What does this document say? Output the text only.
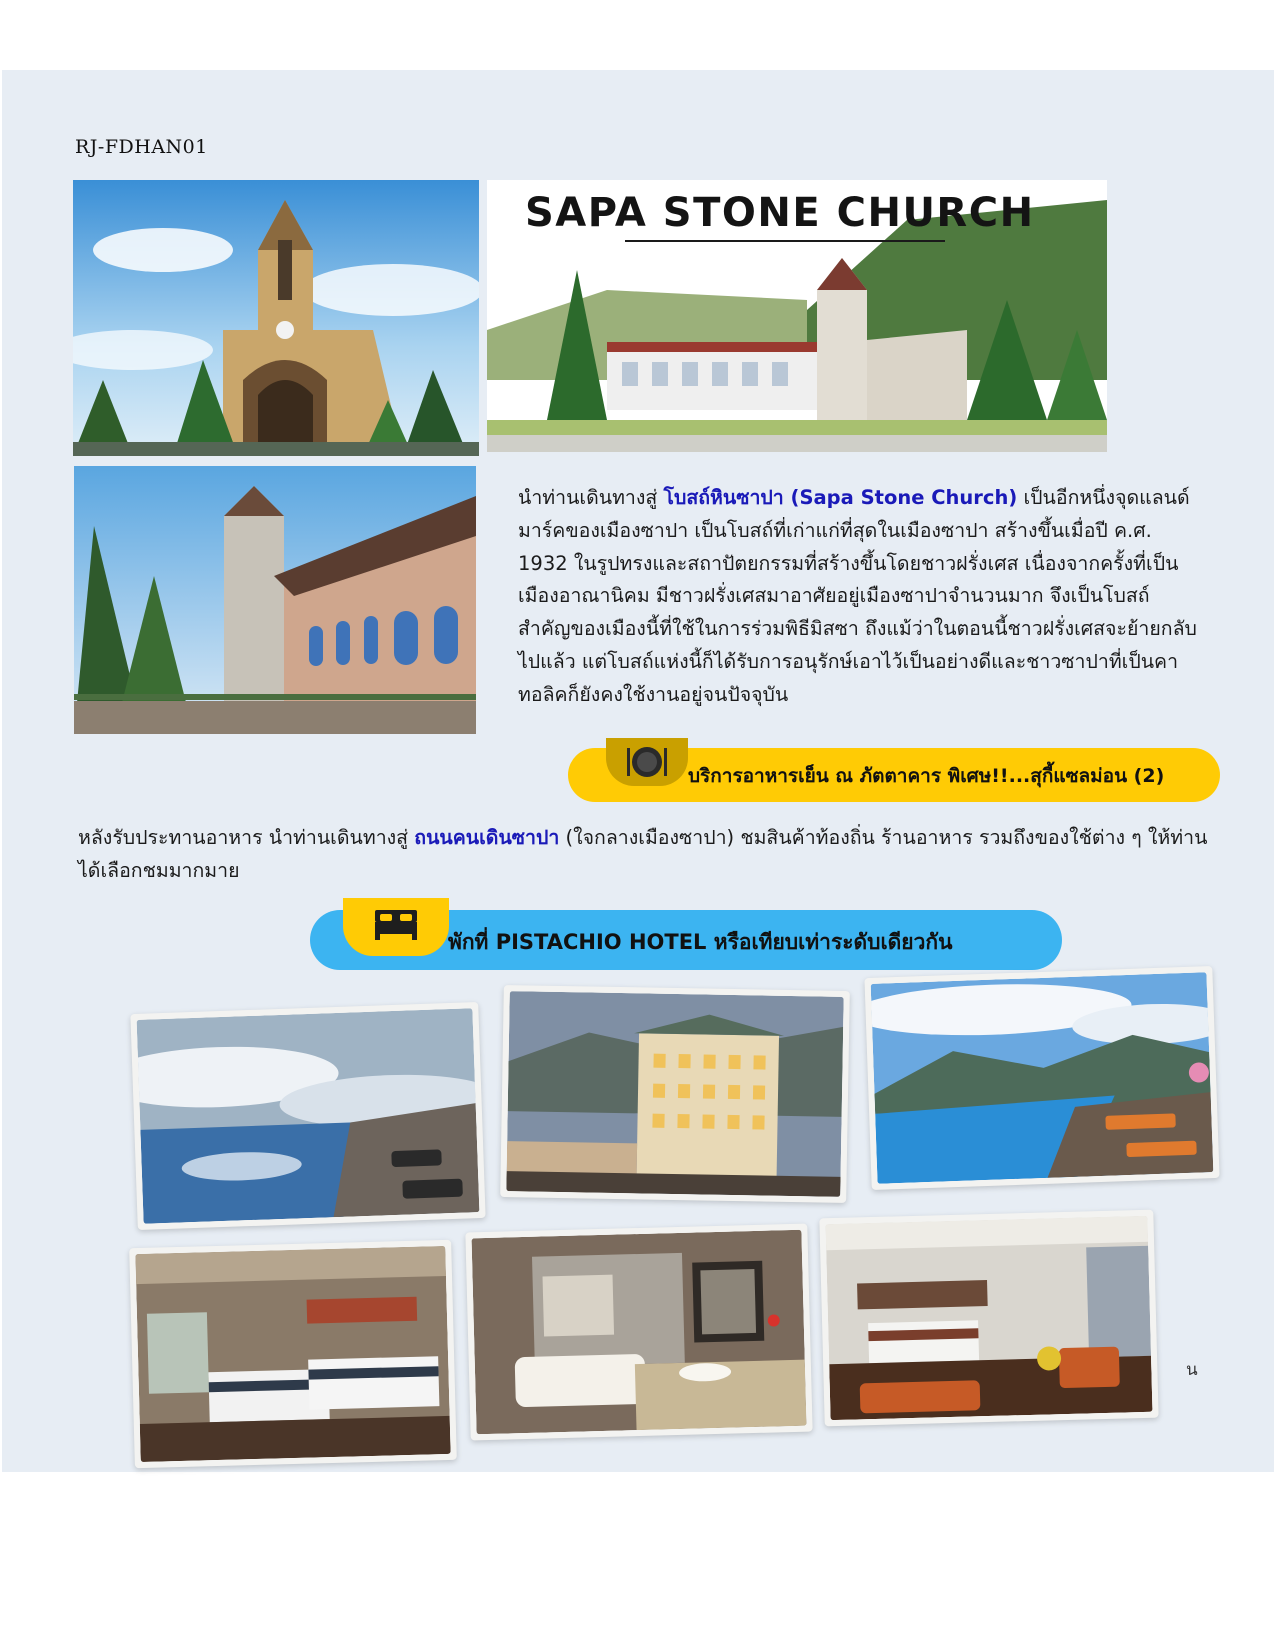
RJ-FDHAN01
SAPA STONE CHURCH
นำท่านเดินทางสู่ โบสถ์หินซาปา (Sapa Stone Church) เป็นอีกหนึ่งจุดแลนด์มาร์คของเมืองซาปา เป็นโบสถ์ที่เก่าแก่ที่สุดในเมืองซาปา สร้างขึ้นเมื่อปี ค.ศ. 1932 ในรูปทรงและสถาปัตยกรรมที่สร้างขึ้นโดยชาวฝรั่งเศส เนื่องจากครั้งที่เป็นเมืองอาณานิคม มีชาวฝรั่งเศสมาอาศัยอยู่เมืองซาปาจำนวนมาก จึงเป็นโบสถ์สำคัญของเมืองนี้ที่ใช้ในการร่วมพิธีมิสซา ถึงแม้ว่าในตอนนี้ชาวฝรั่งเศสจะย้ายกลับไปแล้ว แต่โบสถ์แห่งนี้ก็ได้รับการอนุรักษ์เอาไว้เป็นอย่างดีและชาวซาปาที่เป็นคาทอลิคก็ยังคงใช้งานอยู่จนปัจจุบัน
บริการอาหารเย็น ณ ภัตตาคาร พิเศษ!!...สุกี้แซลม่อน (2)
หลังรับประทานอาหาร นำท่านเดินทางสู่ ถนนคนเดินซาปา (ใจกลางเมืองซาปา) ชมสินค้าท้องถิ่น ร้านอาหาร รวมถึงของใช้ต่าง ๆ ให้ท่านได้เลือกชมมากมาย
พักที่ PISTACHIO HOTEL หรือเทียบเท่าระดับเดียวกัน
น
